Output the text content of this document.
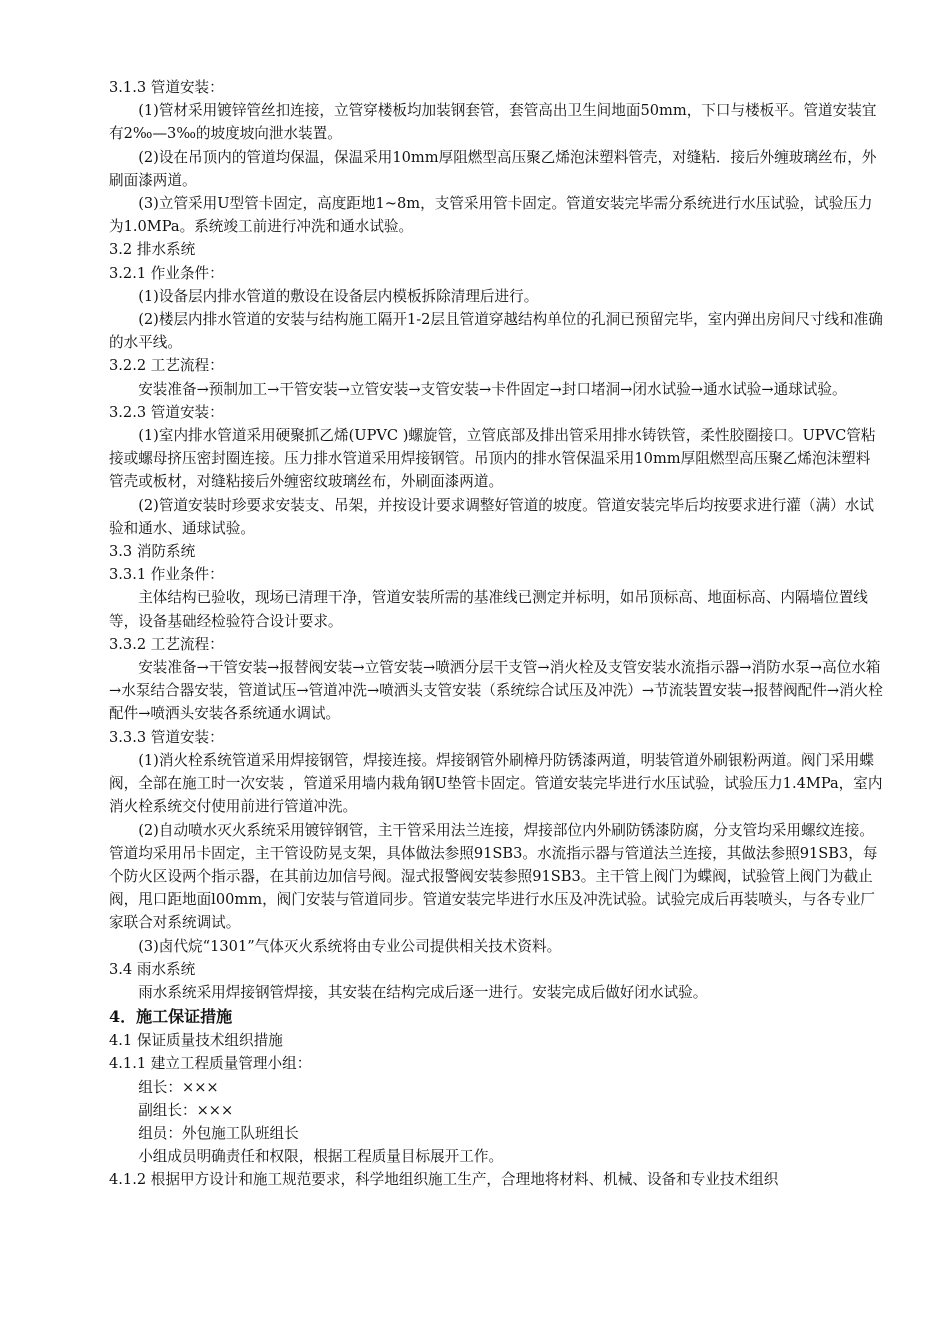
3.1.3 管道安装：

(1)管材采用镀锌管丝扣连接，立管穿楼板均加装钢套管，套管高出卫生间地面50mm，下口与楼板平。管道安装宜有2‰—3‰的坡度坡向泄水装置。

(2)设在吊顶内的管道均保温，保温采用10mm厚阻燃型高压聚乙烯泡沫塑料管壳，对缝粘．接后外缠玻璃丝布，外刷面漆两道。

(3)立管采用U型管卡固定，高度距地1~8m，支管采用管卡固定。管道安装完毕需分系统进行水压试验，试验压力为1.0MPa。系统竣工前进行冲洗和通水试验。

3.2 排水系统

3.2.1 作业条件：

(1)设备层内排水管道的敷设在设备层内模板拆除清理后进行。

(2)楼层内排水管道的安装与结构施工隔开1-2层且管道穿越结构单位的孔洞已预留完毕，室内弹出房间尺寸线和准确的水平线。

3.2.2 工艺流程：

安装准备→预制加工→干管安装→立管安装→支管安装→卡件固定→封口堵洞→闭水试验→通水试验→通球试验。

3.2.3 管道安装：

(1)室内排水管道采用硬聚抓乙烯(UPVC )螺旋管，立管底部及排出管采用排水铸铁管，柔性胶圈接口。UPVC管粘接或螺母挤压密封圈连接。压力排水管道采用焊接钢管。吊顶内的排水管保温采用10mm厚阻燃型高压聚乙烯泡沫塑料管壳或板材，对缝粘接后外缠密纹玻璃丝布，外刷面漆两道。

(2)管道安装时珍要求安装支、吊架，并按设计要求调整好管道的坡度。管道安装完毕后均按要求进行灌（满）水试验和通水、通球试验。

3.3 消防系统

3.3.1 作业条件：

主体结构已验收，现场已清理干净，管道安装所需的基准线已测定并标明，如吊顶标高、地面标高、内隔墙位置线等，设备基础经检验符合设计要求。

3.3.2 工艺流程：

安装准备→干管安装→报替阀安装→立管安装→喷洒分层干支管→消火栓及支管安装水流指示器→消防水泵→高位水箱→水泵结合器安装，管道试压→管道冲洗→喷洒头支管安装（系统综合试压及冲洗）→节流装置安装→报替阀配件→消火栓配件→喷洒头安装各系统通水调试。

3.3.3 管道安装：

(1)消火栓系统管道采用焊接钢管，焊接连接。焊接钢管外刷樟丹防锈漆两道，明装管道外刷银粉两道。阀门采用蝶阀，全部在施工时一次安装 ，管道采用墙内栽角钢U垫管卡固定。管道安装完毕进行水压试验，试验压力1.4MPa，室内消火栓系统交付使用前进行管道冲洗。

(2)自动喷水灭火系统采用镀锌钢管，主干管采用法兰连接，焊接部位内外刷防锈漆防腐，分支管均采用螺纹连接。管道均采用吊卡固定，主干管设防晃支架，具体做法参照91SB3。水流指示器与管道法兰连接，其做法参照91SB3，每个防火区设两个指示器，在其前边加信号阀。湿式报警阀安装参照91SB3。主干管上阀门为蝶阀，试验管上阀门为截止阀，甩口距地面l00mm，阀门安装与管道同步。管道安装完毕进行水压及冲洗试验。试验完成后再装喷头，与各专业厂家联合对系统调试。

(3)卤代烷“1301”气体灭火系统将由专业公司提供相关技术资料。

3.4 雨水系统

雨水系统采用焊接钢管焊接，其安装在结构完成后逐一进行。安装完成后做好闭水试验。

4．施工保证措施

4.1 保证质量技术组织措施

4.1.1 建立工程质量管理小组：

组长：×××

副组长：×××

组员：外包施工队班组长

小组成员明确责任和权限，根据工程质量目标展开工作。

4.1.2 根据甲方设计和施工规范要求，科学地组织施工生产，合理地将材料、机械、设备和专业技术组织
